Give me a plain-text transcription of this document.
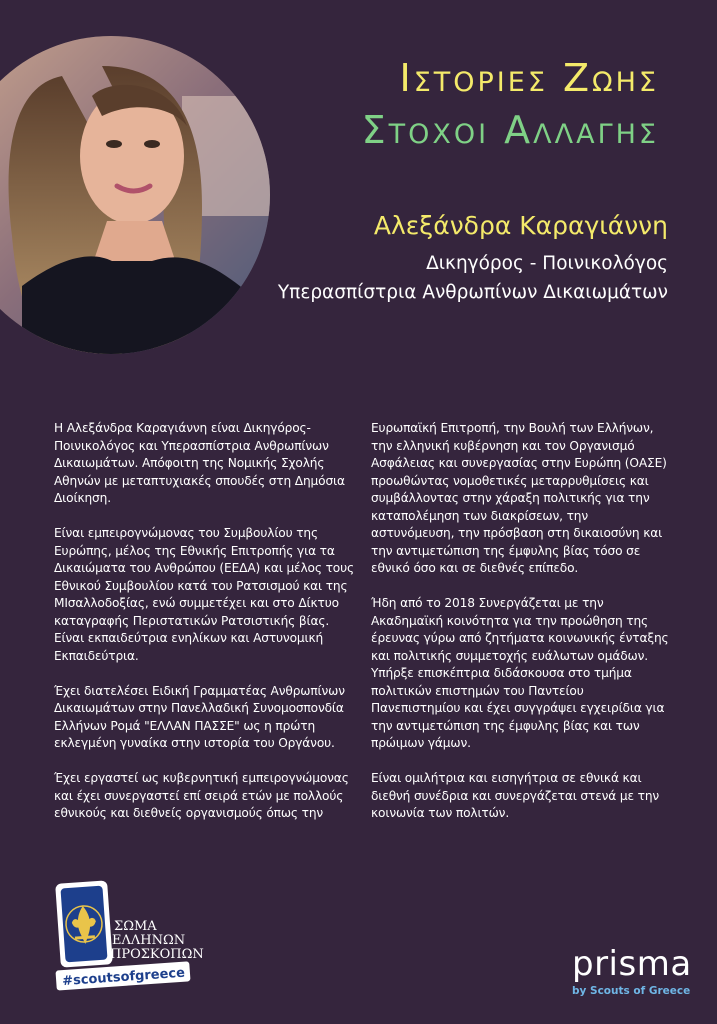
Ιστοριες Ζωης
Στοχοι Αλλαγης
Αλεξάνδρα Καραγιάννη
Δικηγόρος - Ποινικολόγος
Υπερασπίστρια Ανθρωπίνων Δικαιωμάτων

Η Αλεξάνδρα Καραγιάννη είναι Δικηγόρος-Ποινικολόγος και Υπερασπίστρια Ανθρωπίνων Δικαιωμάτων. Απόφοιτη της Νομικής Σχολής Αθηνών με μεταπτυχιακές σπουδές στη Δημόσια Διοίκηση.

Είναι εμπειρογνώμονας του Συμβουλίου της Ευρώπης, μέλος της Εθνικής Επιτροπής για τα Δικαιώματα του Ανθρώπου (ΕΕΔΑ) και μέλος τους Εθνικού Συμβουλίου κατά του Ρατσισμού και της ΜΙσαλλοδοξίας, ενώ συμμετέχει και στο Δίκτυο καταγραφής Περιστατικών Ρατσιστικής βίας. Είναι εκπαιδεύτρια ενηλίκων και Αστυνομική Εκπαιδεύτρια.

Έχει διατελέσει Ειδική Γραμματέας Ανθρωπίνων Δικαιωμάτων στην Πανελλαδική Συνομοσπονδία Ελλήνων Ρομά "ΕΛΛΑΝ ΠΑΣΣΕ" ως η πρώτη εκλεγμένη γυναίκα στην ιστορία του Οργάνου.

Έχει εργαστεί ως κυβερνητική εμπειρογνώμονας και έχει συνεργαστεί επί σειρά ετών με πολλούς εθνικούς και διεθνείς οργανισμούς όπως την

Ευρωπαϊκή Επιτροπή, την Βουλή των Ελλήνων, την ελληνική κυβέρνηση και τον Οργανισμό Ασφάλειας και συνεργασίας στην Ευρώπη (ΟΑΣΕ) προωθώντας νομοθετικές μεταρρυθμίσεις και συμβάλλοντας στην χάραξη πολιτικής για την καταπολέμηση των διακρίσεων, την αστυνόμευση, την πρόσβαση στη δικαιοσύνη και την αντιμετώπιση της έμφυλης βίας τόσο σε εθνικό όσο και σε διεθνές επίπεδο.

Ήδη από το 2018 Συνεργάζεται με την Ακαδημαϊκή κοινότητα για την προώθηση της έρευνας γύρω από ζητήματα κοινωνικής ένταξης και πολιτικής συμμετοχής ευάλωτων ομάδων. Υπήρξε επισκέπτρια διδάσκουσα στο τμήμα πολιτικών επιστημών του Παντείου Πανεπιστημίου και έχει συγγράψει εγχειρίδια για την αντιμετώπιση της έμφυλης βίας και των πρώιμων γάμων.

Είναι ομιλήτρια και εισηγήτρια σε εθνικά και διεθνή συνέδρια και συνεργάζεται στενά με την κοινωνία των πολιτών.

ΣΩΜΑ
ΕΛΛΗΝΩΝ
ΠΡΟΣΚΟΠΩΝ
#scoutsofgreece	prisma
by Scouts of Greece
